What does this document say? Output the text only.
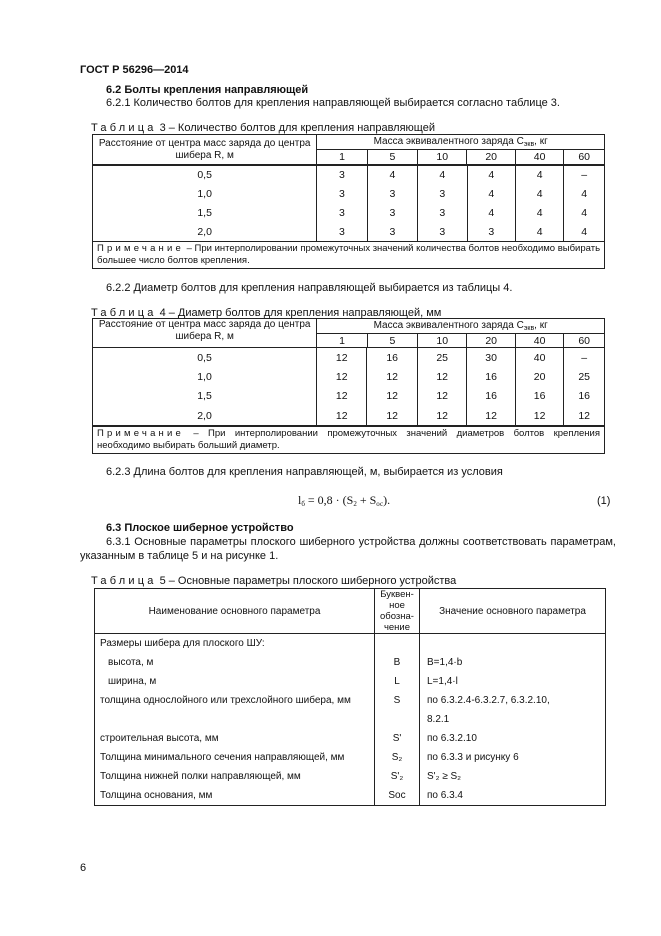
ГОСТ Р 56296—2014
6.2 Болты крепления направляющей
6.2.1 Количество болтов для крепления направляющей выбирается согласно таблице 3.
Таблица 3 – Количество болтов для крепления направляющей
Расстояние от центра масс заряда до центра шибера R, м	Масса эквивалентного заряда $С_{экв}$, кг					
	1	5	10	20	40	60

0,5	3	4	4	4	4	–
1,0	3	3	3	4	4	4
1,5	3	3	3	4	4	4
2,0	3	3	3	3	4	4
Примечание – При интерполировании промежуточных значений количества болтов необходимо выбирать большее число болтов крепления.
6.2.2 Диаметр болтов для крепления направляющей выбирается из таблицы 4.
Таблица 4 – Диаметр болтов для крепления направляющей, мм
Расстояние от центра масс заряда до центра шибера R, м	Масса эквивалентного заряда $С_{экв}$, кг					
	1	5	10	20	40	60
0,5	12	16	25	30	40	–
1,0	12	12	12	16	20	25
1,5	12	12	12	16	16	16
2,0	12	12	12	12	12	12
Примечание – При интерполировании промежуточных значений диаметров болтов крепления необходимо выбирать больший диаметр.
6.2.3 Длина болтов для крепления направляющей, м, выбирается из условия
$l_б = 0,8 \cdot (S_2 + S_{ос})$.	(1)
6.3 Плоское шиберное устройство
6.3.1 Основные параметры плоского шиберного устройства должны соответствовать параметрам, указанным в таблице 5 и на рисунке 1.
Таблица 5 – Основные параметры плоского шиберного устройства
Наименование основного параметра	Буквен-ное обозна-чение	Значение основного параметра
Размеры шибера для плоского ШУ:		
высота, м	B	B=1,4·b
ширина, м	L	L=1,4·l
толщина однослойного или трехслойного шибера, мм	S	по 6.3.2.4-6.3.2.7, 6.3.2.10,
		8.2.1
строительная высота, мм	S'	по 6.3.2.10
Толщина минимального сечения направляющей, мм	S₂	по 6.3.3 и рисунку 6
Толщина нижней полки направляющей, мм	S'₂	S'₂ ≥ S₂
Толщина основания, мм	Sос	по 6.3.4
6
